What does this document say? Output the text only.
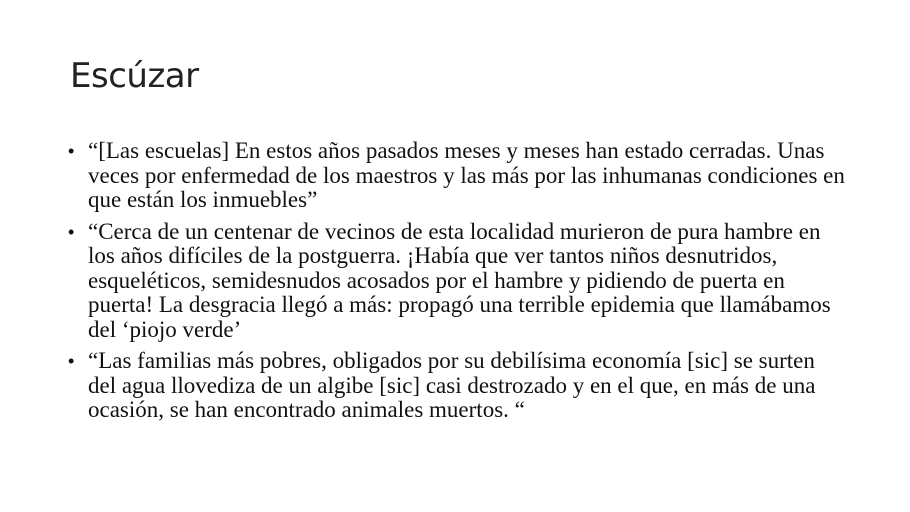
Escúzar
• “[Las escuelas] En estos años pasados meses y meses han estado cerradas. Unas veces por enfermedad de los maestros y las más por las inhumanas condiciones en que están los inmuebles”
• “Cerca de un centenar de vecinos de esta localidad murieron de pura hambre en los años difíciles de la postguerra. ¡Había que ver tantos niños desnutridos, esqueléticos, semidesnudos acosados por el hambre y pidiendo de puerta en puerta! La desgracia llegó a más: propagó una terrible epidemia que llamábamos del ‘piojo verde’
• “Las familias más pobres, obligados por su debilísima economía [sic] se surten del agua llovediza de un algibe [sic] casi destrozado y en el que, en más de una ocasión, se han encontrado animales muertos. “
